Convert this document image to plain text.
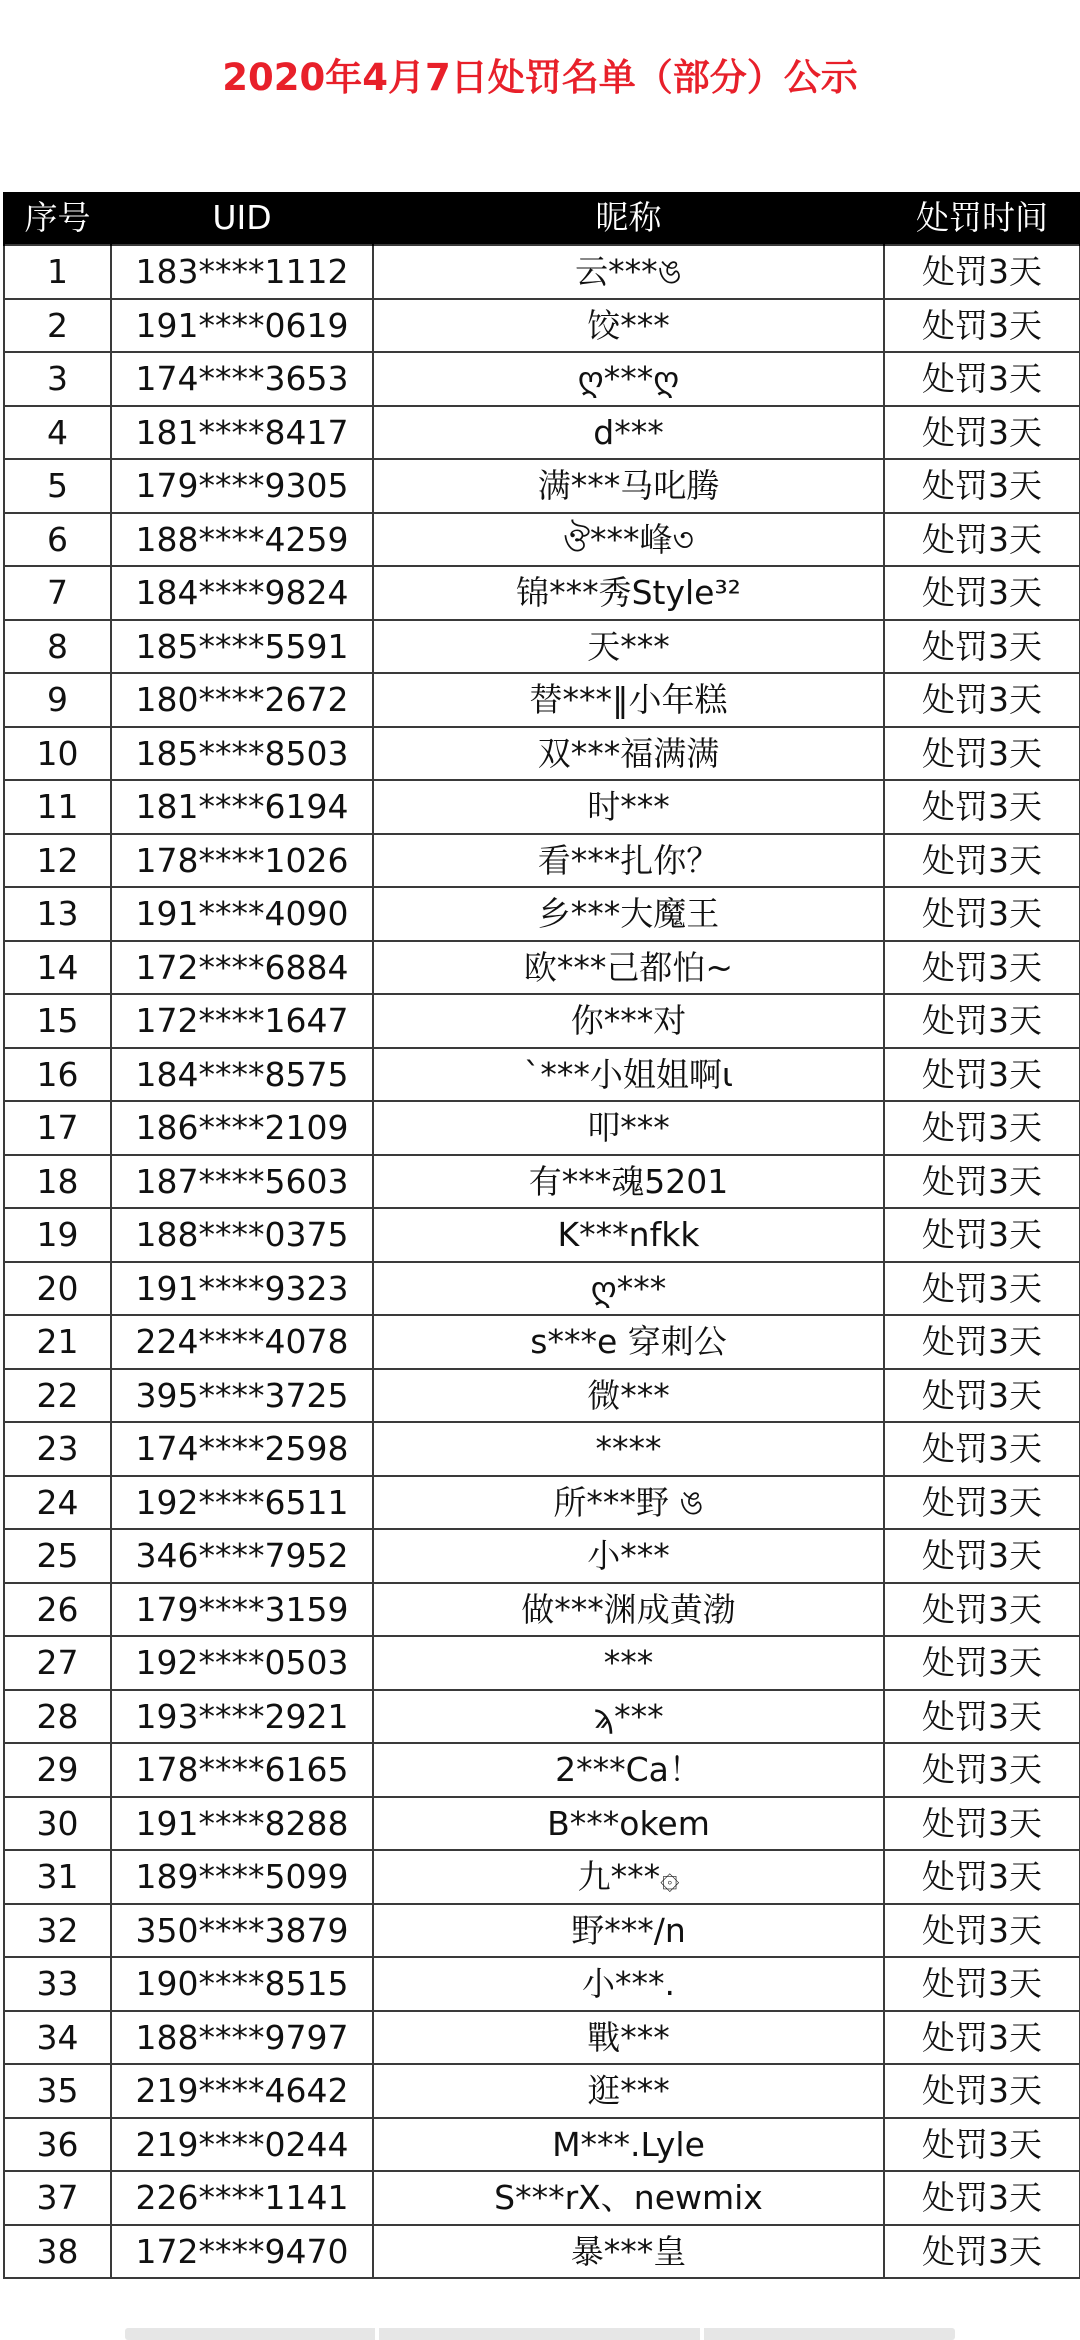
2020年4月7日处罚名单（部分）公示
序号	UID	昵称	处罚时间
1	183****1112	云***ঙ	处罚3天
2	191****0619	饺***	处罚3天
3	174****3653	ღ***ღ	处罚3天
4	181****8417	d***	处罚3天
5	179****9305	满***马叱腾	处罚3天
6	188****4259	ঔ***峰৩	处罚3天
7	184****9824	锦***秀Style³²	处罚3天
8	185****5591	天***	处罚3天
9	180****2672	替***‖小年糕	处罚3天
10	185****8503	双***福满满	处罚3天
11	181****6194	时***	处罚3天
12	178****1026	看***扎你？	处罚3天
13	191****4090	乡***大魔王	处罚3天
14	172****6884	欧***己都怕~	处罚3天
15	172****1647	你***对	处罚3天
16	184****8575	`***小姐姐啊ι	处罚3天
17	186****2109	叩***	处罚3天
18	187****5603	有***魂5201	处罚3天
19	188****0375	K***nfkk	处罚3天
20	191****9323	ღ***	处罚3天
21	224****4078	s***e 穿刺公	处罚3天
22	395****3725	微***	处罚3天
23	174****2598	****	处罚3天
24	192****6511	所***野 ঙ	处罚3天
25	346****7952	小***	处罚3天
26	179****3159	做***渊成黄渤	处罚3天
27	192****0503	***	处罚3天
28	193****2921	ϡ***	处罚3天
29	178****6165	2***Ca！	处罚3天
30	191****8288	B***okem	处罚3天
31	189****5099	九***۞	处罚3天
32	350****3879	野***/n	处罚3天
33	190****8515	小***.	处罚3天
34	188****9797	戰***	处罚3天
35	219****4642	逛***	处罚3天
36	219****0244	M***.Lyle	处罚3天
37	226****1141	S***rX、newmix	处罚3天
38	172****9470	暴***皇	处罚3天
